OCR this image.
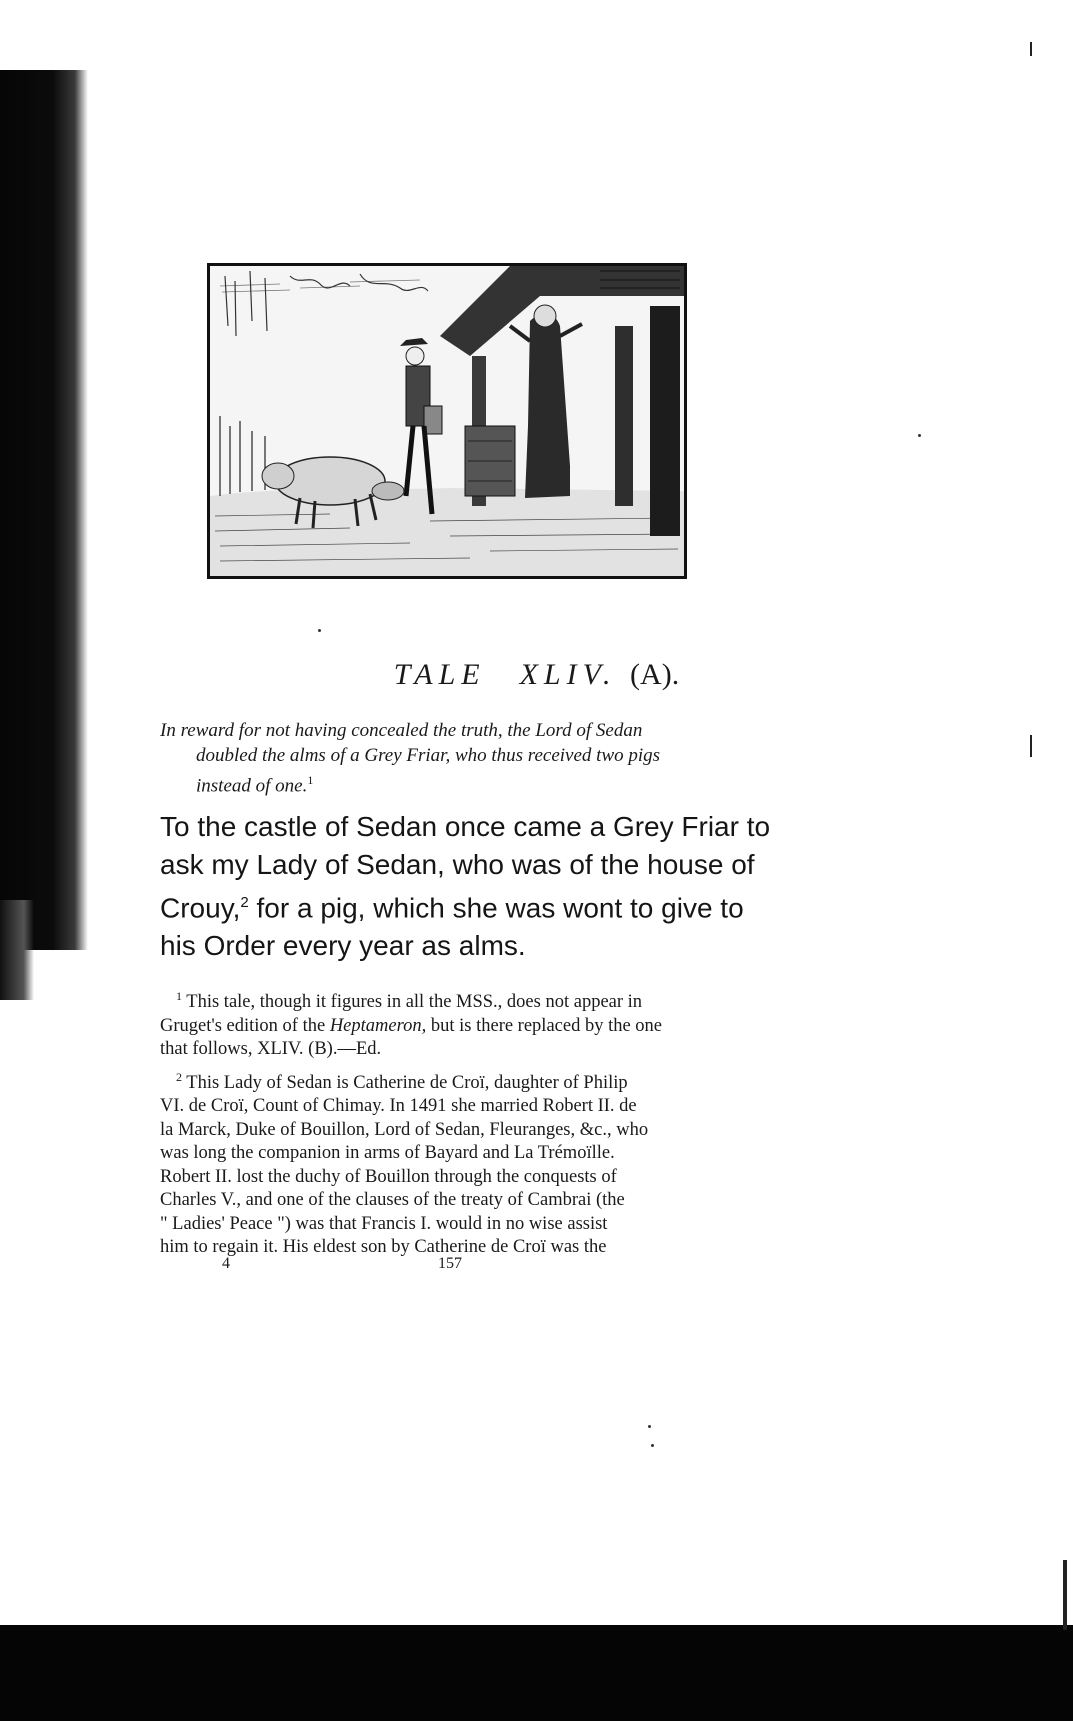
TALE XLIV. (A).
In reward for not having concealed the truth, the Lord of Sedan
doubled the alms of a Grey Friar, who thus received two pigs
instead of one.$^1$
To the castle of Sedan once came a Grey Friar to
ask my Lady of Sedan, who was of the house of
Crouy,$^2$ for a pig, which she was wont to give to
his Order every year as alms.
$^1$ This tale, though it figures in all the MSS., does not appear in
Gruget's edition of the Heptameron, but is there replaced by the one
that follows, XLIV. (B).—Ed.
$^2$ This Lady of Sedan is Catherine de Croï, daughter of Philip
VI. de Croï, Count of Chimay. In 1491 she married Robert II. de
la Marck, Duke of Bouillon, Lord of Sedan, Fleuranges, &c., who
was long the companion in arms of Bayard and La Trémoïlle.
Robert II. lost the duchy of Bouillon through the conquests of
Charles V., and one of the clauses of the treaty of Cambrai (the
" Ladies' Peace ") was that Francis I. would in no wise assist
him to regain it. His eldest son by Catherine de Croï was the
4	157
